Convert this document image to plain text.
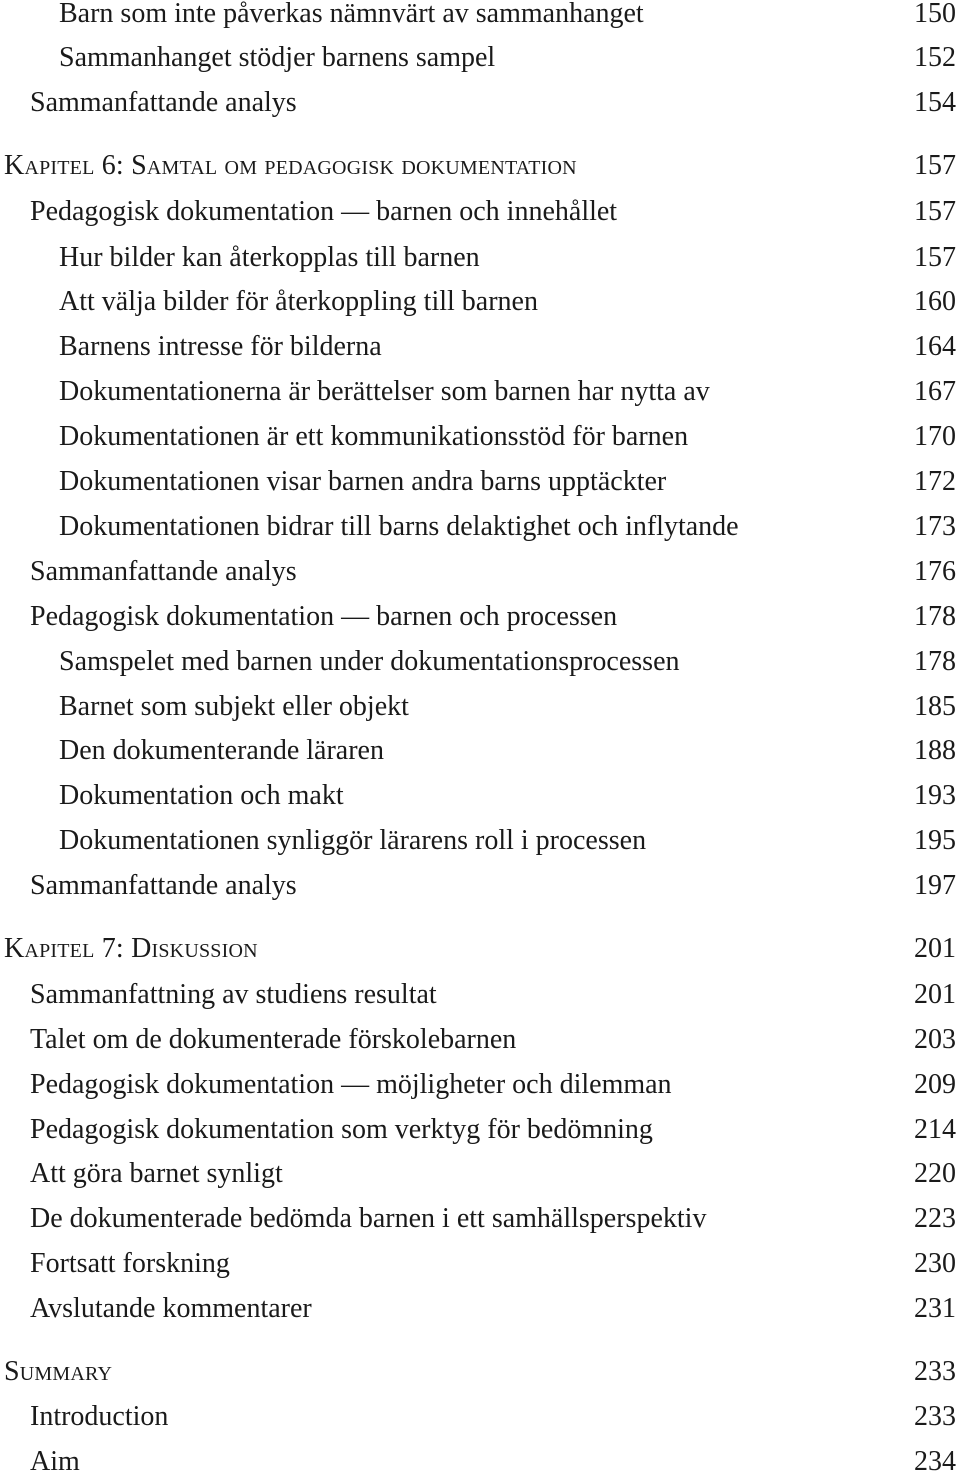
Barn som inte påverkas nämnvärt av sammanhanget	150
Sammanhanget stödjer barnens sampel	152
Sammanfattande analys	154
Kapitel 6: Samtal om pedagogisk dokumentation	157
Pedagogisk dokumentation — barnen och innehållet	157
Hur bilder kan återkopplas till barnen	157
Att välja bilder för återkoppling till barnen	160
Barnens intresse för bilderna	164
Dokumentationerna är berättelser som barnen har nytta av	167
Dokumentationen är ett kommunikationsstöd för barnen	170
Dokumentationen visar barnen andra barns upptäckter	172
Dokumentationen bidrar till barns delaktighet och inflytande	173
Sammanfattande analys	176
Pedagogisk dokumentation — barnen och processen	178
Samspelet med barnen under dokumentationsprocessen	178
Barnet som subjekt eller objekt	185
Den dokumenterande läraren	188
Dokumentation och makt	193
Dokumentationen synliggör lärarens roll i processen	195
Sammanfattande analys	197
Kapitel 7: Diskussion	201
Sammanfattning av studiens resultat	201
Talet om de dokumenterade förskolebarnen	203
Pedagogisk dokumentation — möjligheter och dilemman	209
Pedagogisk dokumentation som verktyg för bedömning	214
Att göra barnet synligt	220
De dokumenterade bedömda barnen i ett samhällsperspektiv	223
Fortsatt forskning	230
Avslutande kommentarer	231
Summary	233
Introduction	233
Aim	234
